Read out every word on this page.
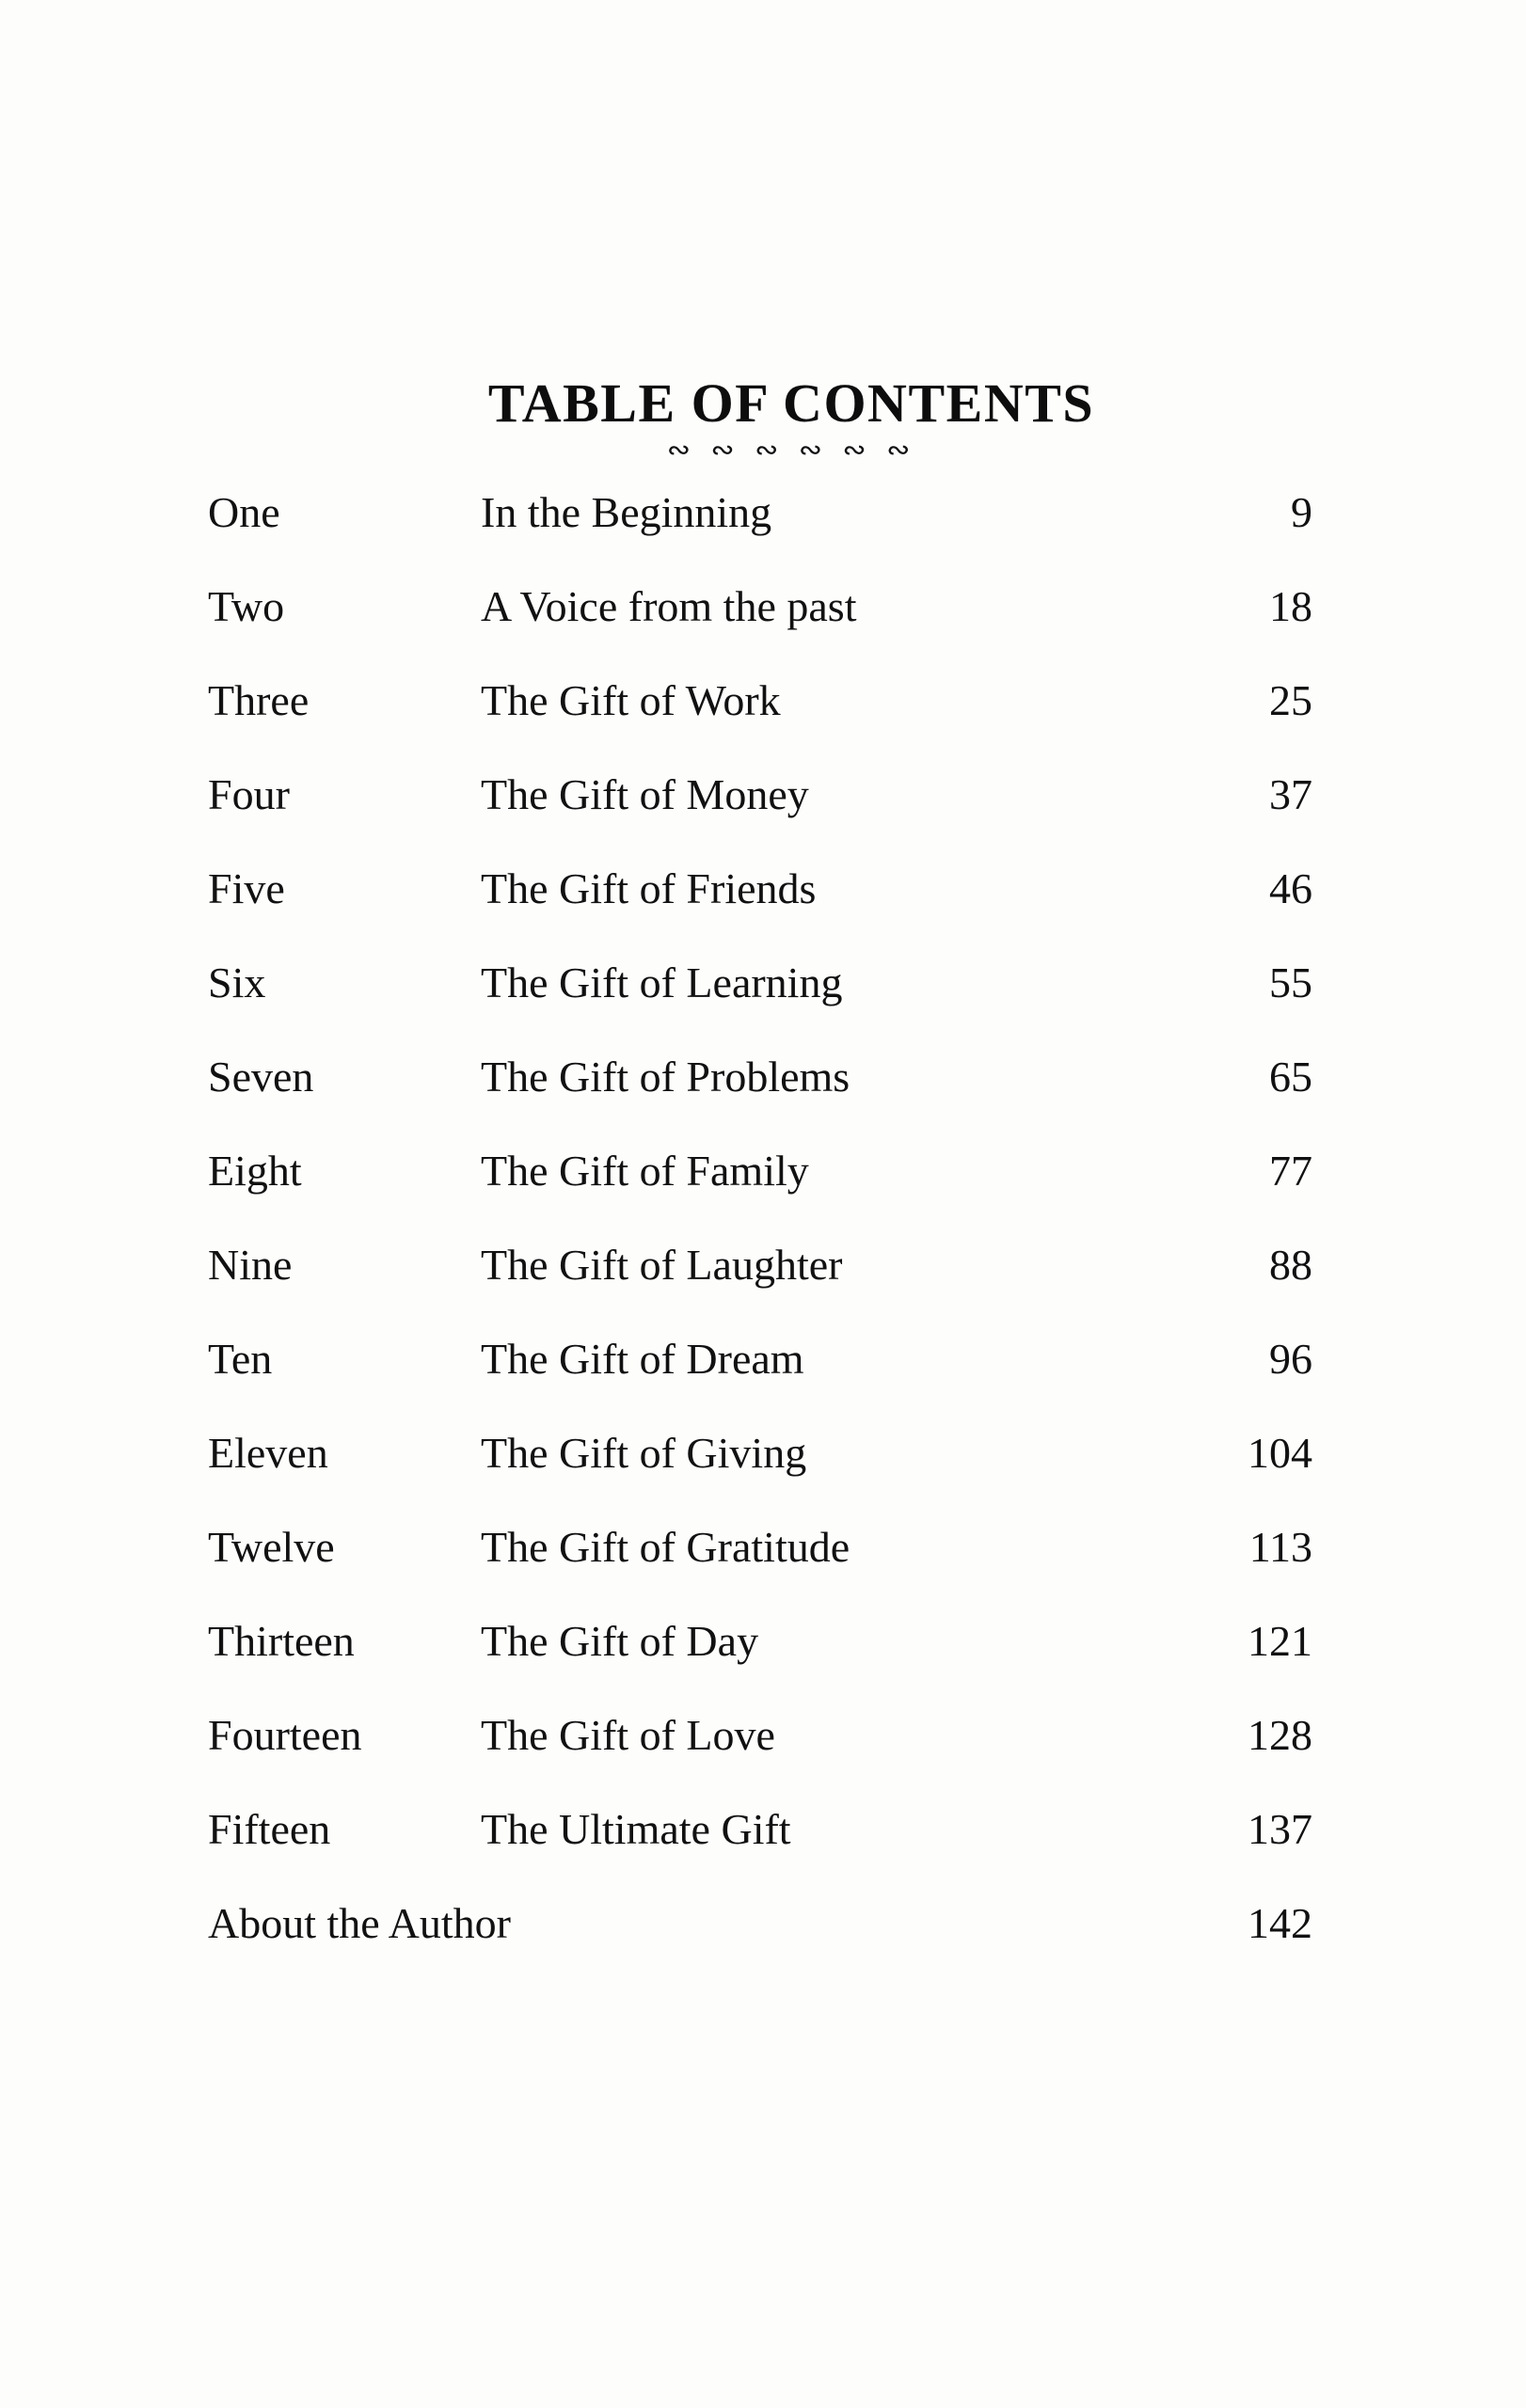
TABLE OF CONTENTS
∾ ∾ ∾ ∾ ∾ ∾
One	In the Beginning	9
Two	A Voice from the past	18
Three	The Gift of Work	25
Four	The Gift of Money	37
Five	The Gift of Friends	46
Six	The Gift of Learning	55
Seven	The Gift of Problems	65
Eight	The Gift of Family	77
Nine	The Gift of Laughter	88
Ten	The Gift of Dream	96
Eleven	The Gift of Giving	104
Twelve	The Gift of Gratitude	113
Thirteen	The Gift of Day	121
Fourteen	The Gift of Love	128
Fifteen	The Ultimate Gift	137
About the Author	142
